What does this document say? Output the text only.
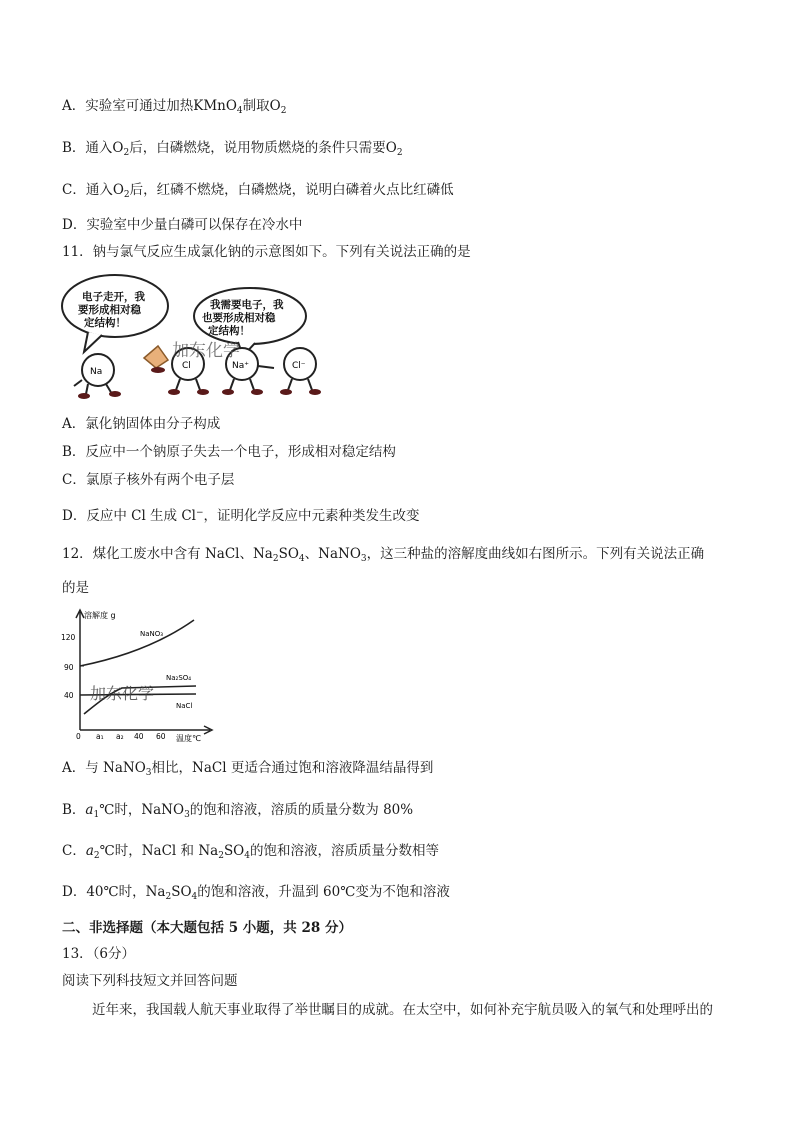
A．实验室可通过加热KMnO$_4$制取$O_2$
B．通入$O_2$后，白磷燃烧，说用物质燃烧的条件只需要$O_2$
C．通入$O_2$后，红磷不燃烧，白磷燃烧，说明白磷着火点比红磷低
D．实验室中少量白磷可以保存在冷水中
11．钠与氯气反应生成氯化钠的示意图如下。下列有关说法正确的是
电子走开，我 要形成相对稳 定结构！
我需要电子，我 也要形成相对稳 定结构！
Na
Cl	Na⁺	Cl⁻
加东化学
A．氯化钠固体由分子构成
B．反应中一个钠原子失去一个电子，形成相对稳定结构
C．氯原子核外有两个电子层
D．反应中 Cl 生成 Cl−，证明化学反应中元素种类发生改变
12．煤化工废水中含有 NaCl、$Na_2SO_4$、NaNO$_3$，这三种盐的溶解度曲线如右图所示。下列有关说法正确
的是
溶解度 g
温度℃
120
90
40
0 a₁ a₂ 40 60
NaNO₃
Na₂SO₄
NaCl
加东化学
A．与 NaNO$_3$相比，NaCl 更适合通过饱和溶液降温结晶得到
B．$a_1℃$时，NaNO$_3$的饱和溶液，溶质的质量分数为 80%
C．$a_2℃$时，NaCl 和 $Na_2SO_4$的饱和溶液，溶质质量分数相等
D．40℃时，$Na_2SO_4$的饱和溶液，升温到 60℃变为不饱和溶液
二、非选择题（本大题包括 5 小题，共 28 分）
13．（6分）
阅读下列科技短文并回答问题
近年来，我国载人航天事业取得了举世瞩目的成就。在太空中，如何补充宇航员吸入的氧气和处理呼出的
